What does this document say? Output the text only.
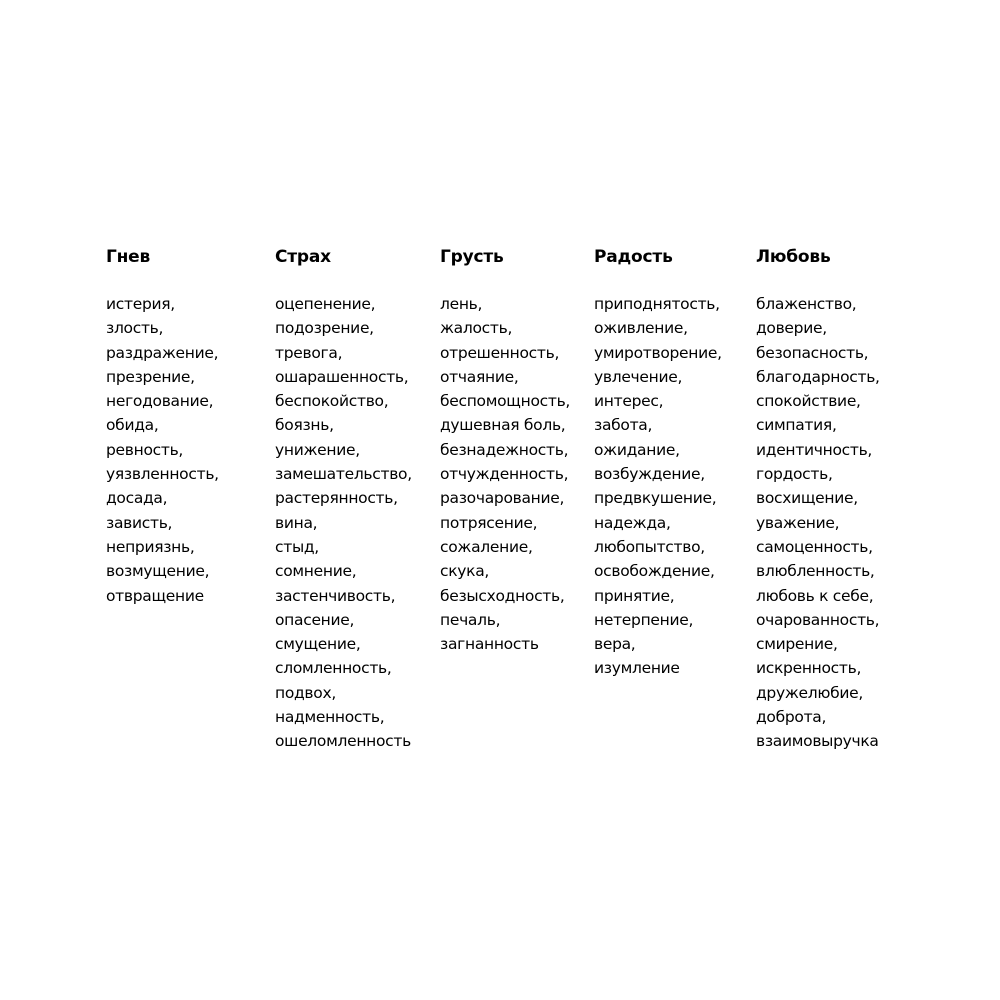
Гнев
истерия,
злость,
раздражение,
презрение,
негодование,
обида,
ревность,
уязвленность,
досада,
зависть,
неприязнь,
возмущение,
отвращение
Страх
оцепенение,
подозрение,
тревога,
ошарашенность,
беспокойство,
боязнь,
унижение,
замешательство,
растерянность,
вина,
стыд,
сомнение,
застенчивость,
опасение,
смущение,
сломленность,
подвох,
надменность,
ошеломленность
Грусть
лень,
жалость,
отрешенность,
отчаяние,
беспомощность,
душевная боль,
безнадежность,
отчужденность,
разочарование,
потрясение,
сожаление,
скука,
безысходность,
печаль,
загнанность
Радость
приподнятость,
оживление,
умиротворение,
увлечение,
интерес,
забота,
ожидание,
возбуждение,
предвкушение,
надежда,
любопытство,
освобождение,
принятие,
нетерпение,
вера,
изумление
Любовь
блаженство,
доверие,
безопасность,
благодарность,
спокойствие,
симпатия,
идентичность,
гордость,
восхищение,
уважение,
самоценность,
влюбленность,
любовь к себе,
очарованность,
смирение,
искренность,
дружелюбие,
доброта,
взаимовыручка
